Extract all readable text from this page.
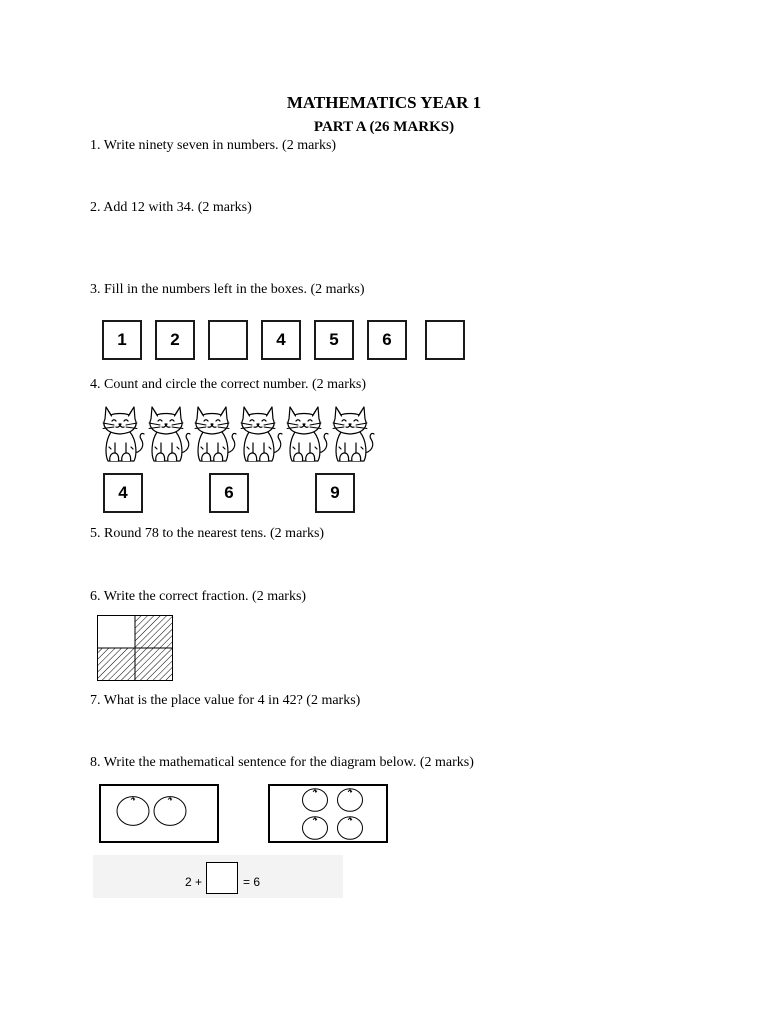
MATHEMATICS YEAR 1
PART A (26 MARKS)
1. Write ninety seven in numbers. (2 marks)
2. Add 12 with 34. (2 marks)
3. Fill in the numbers left in the boxes. (2 marks)
1	2	4	5	6
4. Count and circle the correct number. (2 marks)
4	6	9
5. Round 78 to the nearest tens. (2 marks)
6. Write the correct fraction. (2 marks)
7. What is the place value for 4 in 42? (2 marks)
8. Write the mathematical sentence for the diagram below. (2 marks)
2 +	= 6
